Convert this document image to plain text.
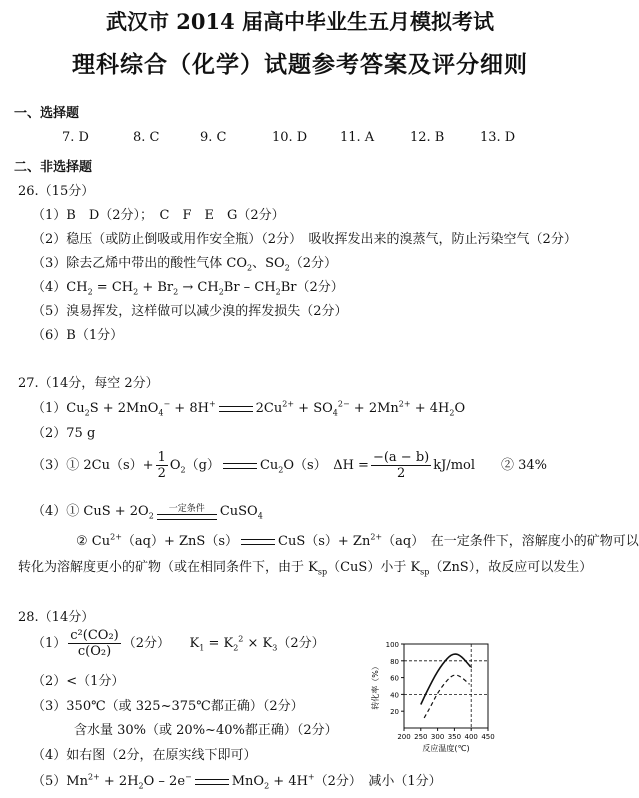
武汉市 2014 届高中毕业生五月模拟考试
理科综合（化学）试题参考答案及评分细则
一、选择题
7. D	8. C	9. C	10. D	11. A	12. B	13. D
二、非选择题
26.（15分）
（1）B　D（2分）；　C　F　E　G（2分）
（2）稳压（或防止倒吸或用作安全瓶）（2分）　吸收挥发出来的溴蒸气，防止污染空气（2分）
（3）除去乙烯中带出的酸性气体 $CO_2$、$SO_2(2$分）
$(4)CH_2 = CH_2 + Br_2 \to CH_2Br - CH_2Br(2$分）
（5）溴易挥发，这样做可以减少溴的挥发损失（2分）
（6）B（1分）
27.（14分，每空 2分）
$(1)Cu_2S + 2MnO_4^- + 8H^+$	$2Cu^{2+} + SO_4^{2-} + 2Mn^{2+} + 4H_2O$
（2）75 g
（3）① $2Cu(s)+ \frac{1}{2} O_2(g)$	$Cu_2O(s)$　$\Delta H = \frac{-(a - b)}{2} kJ/mol$　　② 34%
（4）① CuS + $2O_2$
一定条件	CuSO$_4$
② $Cu^{2+}(aq)+ ZnS(s)$	$CuS(s)+ Zn^{2+}(aq)$　在一定条件下，溶解度小的矿物可以
转化为溶解度更小的矿物（或在相同条件下，由于 $K_{sp}(CuS)$小于 $K_{sp}(ZnS)$，故反应可以发生）
28.（14分）
$(1) \frac{\text{c²(CO₂)}}{\text{c(O₂)}} (2$分）　　$K_1 = K_2^2 \times K_3(2$分）
（2）<（1分）
（3）350℃（或 325~375℃都正确）（2分）
含水量 30%（或 20%~40%都正确）（2分）
（4）如右图（2分，在原实线下即可）
$(5)Mn^{2+} + 2H_2O - 2e^-$	MnO$_2$ + 4H+（2分）　减小（1分）
20
40
60
80
100
200 250 300 350 400 450
反应温度(℃)
转化率（%）
